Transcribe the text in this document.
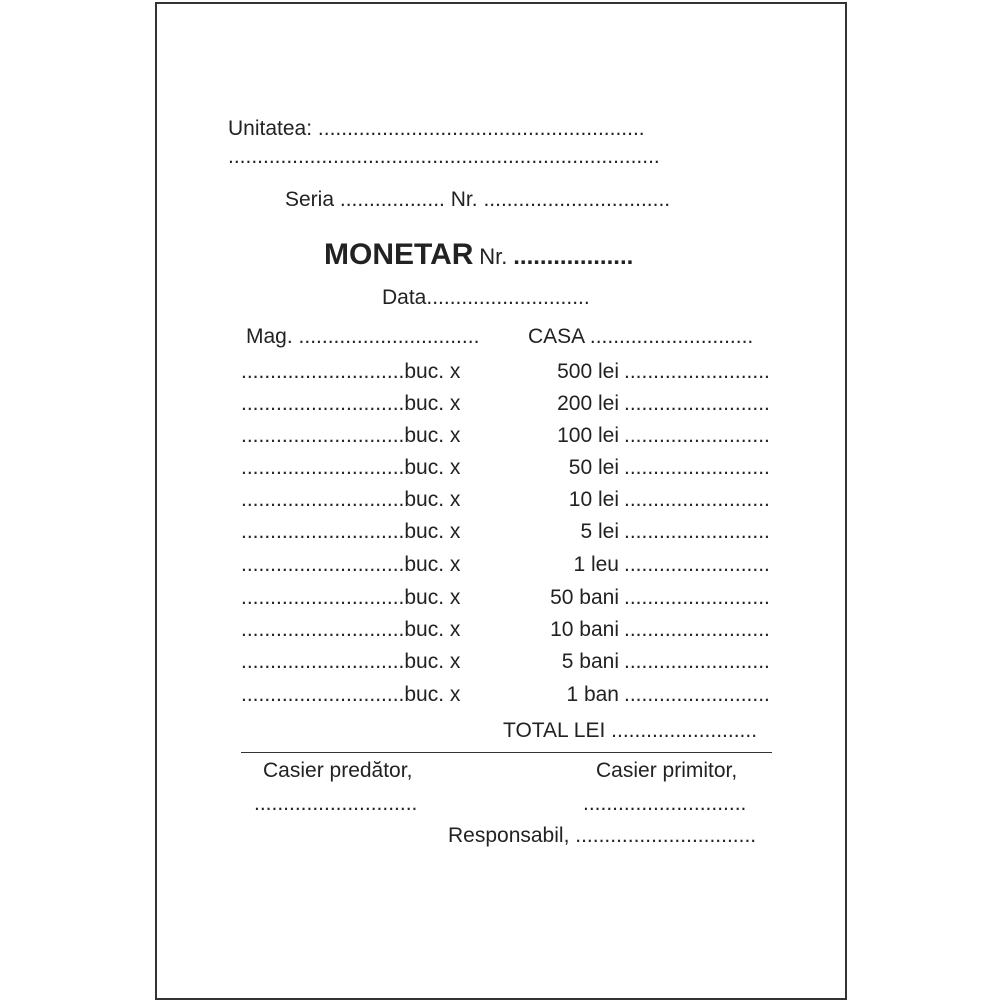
Unitatea: ........................................................
..........................................................................
Seria .................. Nr. ................................
MONETAR Nr. ..................
Data............................
Mag. ............................... CASA ............................
............................buc. x	500 lei .........................
............................buc. x	200 lei .........................
............................buc. x	100 lei .........................
............................buc. x	50 lei .........................
............................buc. x	10 lei .........................
............................buc. x	5 lei .........................
............................buc. x	1 leu .........................
............................buc. x	50 bani .........................
............................buc. x	10 bani .........................
............................buc. x	5 bani .........................
............................buc. x	1 ban .........................
TOTAL LEI .........................
Casier predător,	Casier primitor,
............................	............................
Responsabil, ...............................
